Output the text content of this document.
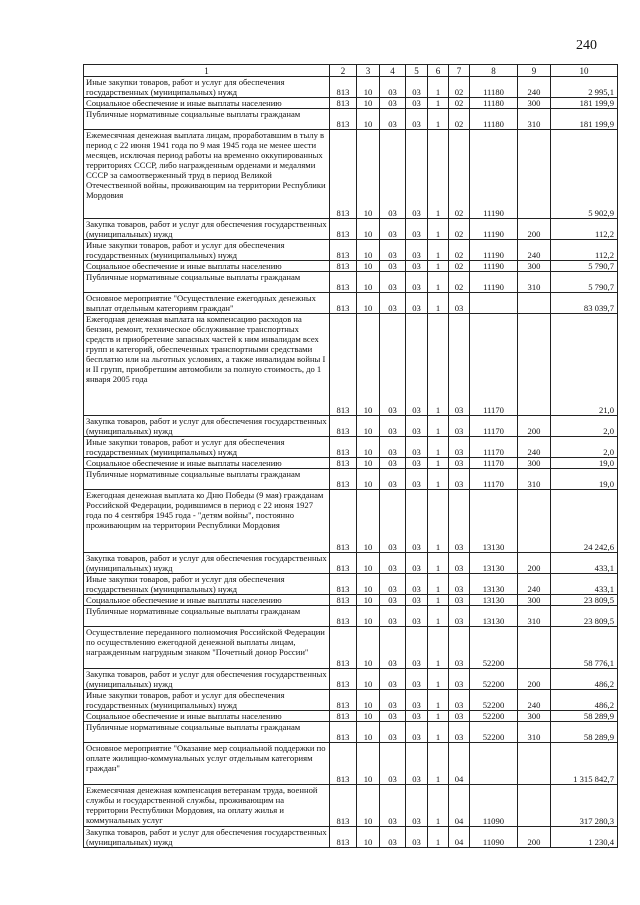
240
1	2	3	4	5	6	7	8	9	10
Иные закупки товаров, работ и услуг для обеспечения государственных (муниципальных) нужд	813	10	03	03	1	02	11180	240	2 995,1
Социальное обеспечение и иные выплаты населению	813	10	03	03	1	02	11180	300	181 199,9
Публичные нормативные социальные выплаты гражданам	813	10	03	03	1	02	11180	310	181 199,9
Ежемесячная денежная выплата лицам, проработавшим в тылу в период с 22 июня 1941 года по 9 мая 1945 года не менее шести месяцев, исключая период работы на временно оккупированных территориях СССР, либо награжденным орденами и медалями СССР за самоотверженный труд в период Великой Отечественной войны, проживающим на территории Республики Мордовия	813	10	03	03	1	02	11190		5 902,9
Закупка товаров, работ и услуг для обеспечения государственных (муниципальных) нужд	813	10	03	03	1	02	11190	200	112,2
Иные закупки товаров, работ и услуг для обеспечения государственных (муниципальных) нужд	813	10	03	03	1	02	11190	240	112,2
Социальное обеспечение и иные выплаты населению	813	10	03	03	1	02	11190	300	5 790,7
Публичные нормативные социальные выплаты гражданам	813	10	03	03	1	02	11190	310	5 790,7
Основное мероприятие "Осуществление ежегодных денежных выплат отдельным категориям граждан"	813	10	03	03	1	03			83 039,7
Ежегодная денежная выплата на компенсацию расходов на бензин, ремонт, техническое обслуживание транспортных средств и приобретение запасных частей к ним инвалидам всех групп и категорий, обеспеченных транспортными средствами бесплатно или на льготных условиях, а также инвалидам войны I и II групп, приобретшим автомобили за полную стоимость, до 1 января 2005 года	813	10	03	03	1	03	11170		21,0
Закупка товаров, работ и услуг для обеспечения государственных (муниципальных) нужд	813	10	03	03	1	03	11170	200	2,0
Иные закупки товаров, работ и услуг для обеспечения государственных (муниципальных) нужд	813	10	03	03	1	03	11170	240	2,0
Социальное обеспечение и иные выплаты населению	813	10	03	03	1	03	11170	300	19,0
Публичные нормативные социальные выплаты гражданам	813	10	03	03	1	03	11170	310	19,0
Ежегодная денежная выплата ко Дню Победы (9 мая) гражданам Российской Федерации, родившимся в период с 22 июня 1927 года по 4 сентября 1945 года - "детям войны", постоянно проживающим на территории Республики Мордовия	813	10	03	03	1	03	13130		24 242,6
Закупка товаров, работ и услуг для обеспечения государственных (муниципальных) нужд	813	10	03	03	1	03	13130	200	433,1
Иные закупки товаров, работ и услуг для обеспечения государственных (муниципальных) нужд	813	10	03	03	1	03	13130	240	433,1
Социальное обеспечение и иные выплаты населению	813	10	03	03	1	03	13130	300	23 809,5
Публичные нормативные социальные выплаты гражданам	813	10	03	03	1	03	13130	310	23 809,5
Осуществление переданного полномочия Российской Федерации по осуществлению ежегодной денежной выплаты лицам, награжденным нагрудным знаком "Почетный донор России"	813	10	03	03	1	03	52200		58 776,1
Закупка товаров, работ и услуг для обеспечения государственных (муниципальных) нужд	813	10	03	03	1	03	52200	200	486,2
Иные закупки товаров, работ и услуг для обеспечения государственных (муниципальных) нужд	813	10	03	03	1	03	52200	240	486,2
Социальное обеспечение и иные выплаты населению	813	10	03	03	1	03	52200	300	58 289,9
Публичные нормативные социальные выплаты гражданам	813	10	03	03	1	03	52200	310	58 289,9
Основное мероприятие "Оказание мер социальной поддержки по оплате жилищно-коммунальных услуг отдельным категориям граждан"	813	10	03	03	1	04			1 315 842,7
Ежемесячная денежная компенсация ветеранам труда, военной службы и государственной службы, проживающим на территории Республики Мордовия, на оплату жилья и коммунальных услуг	813	10	03	03	1	04	11090		317 280,3
Закупка товаров, работ и услуг для обеспечения государственных (муниципальных) нужд	813	10	03	03	1	04	11090	200	1 230,4
